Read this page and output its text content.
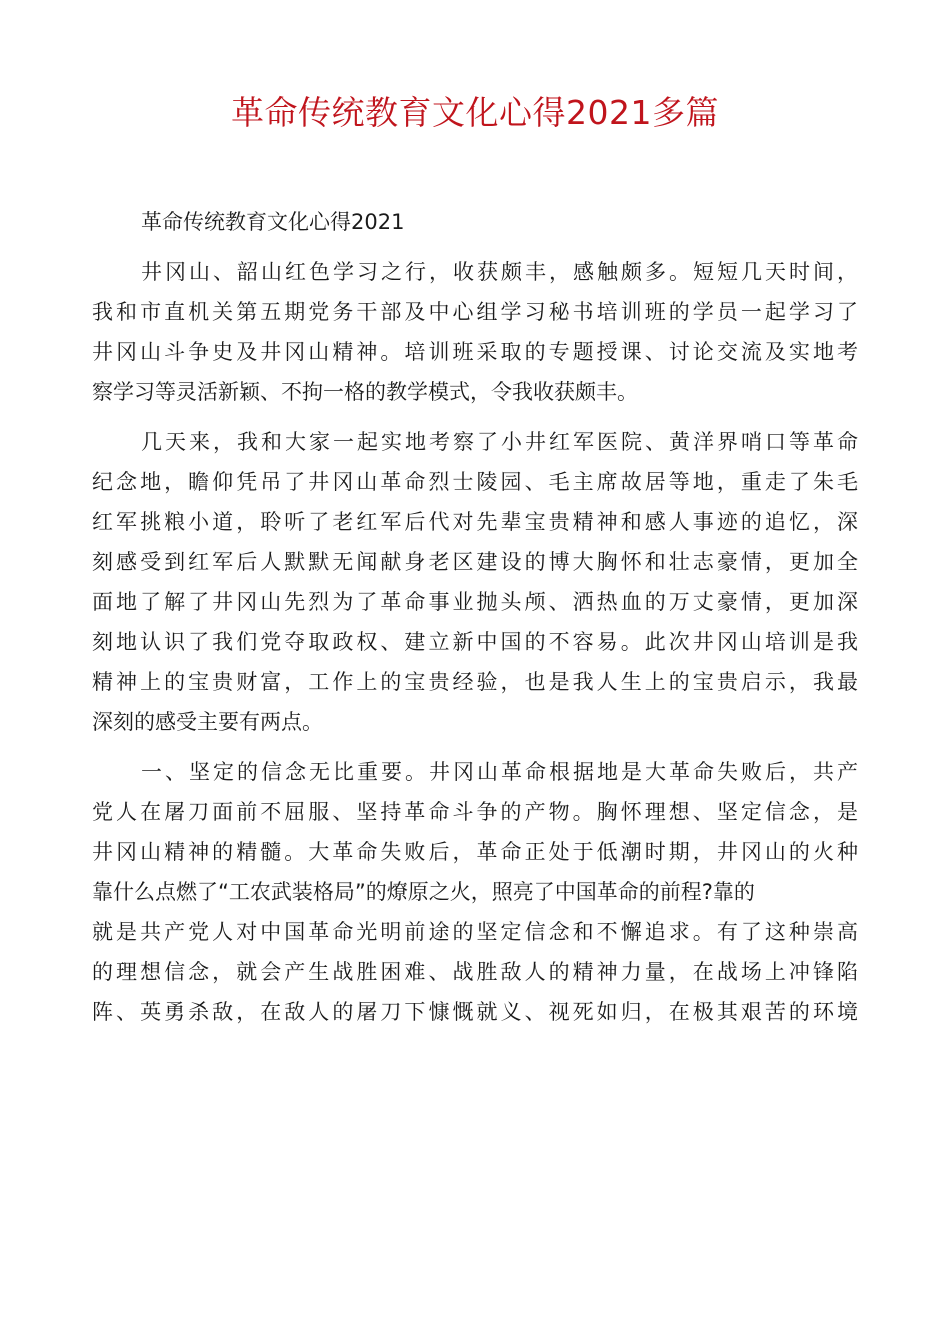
革命传统教育文化心得2021多篇
革命传统教育文化心得2021
井冈山、韶山红色学习之行，收获颇丰，感触颇多。短短几天时间，
我和市直机关第五期党务干部及中心组学习秘书培训班的学员一起学习了
井冈山斗争史及井冈山精神。培训班采取的专题授课、讨论交流及实地考
察学习等灵活新颖、不拘一格的教学模式，令我收获颇丰。
几天来，我和大家一起实地考察了小井红军医院、黄洋界哨口等革命
纪念地，瞻仰凭吊了井冈山革命烈士陵园、毛主席故居等地，重走了朱毛
红军挑粮小道，聆听了老红军后代对先辈宝贵精神和感人事迹的追忆，深
刻感受到红军后人默默无闻献身老区建设的博大胸怀和壮志豪情，更加全
面地了解了井冈山先烈为了革命事业抛头颅、洒热血的万丈豪情，更加深
刻地认识了我们党夺取政权、建立新中国的不容易。此次井冈山培训是我
精神上的宝贵财富，工作上的宝贵经验，也是我人生上的宝贵启示，我最
深刻的感受主要有两点。
一、坚定的信念无比重要。井冈山革命根据地是大革命失败后，共产
党人在屠刀面前不屈服、坚持革命斗争的产物。胸怀理想、坚定信念，是
井冈山精神的精髓。大革命失败后，革命正处于低潮时期，井冈山的火种
靠什么点燃了“工农武装格局”的燎原之火，照亮了中国革命的前程?靠的
就是共产党人对中国革命光明前途的坚定信念和不懈追求。有了这种崇高
的理想信念，就会产生战胜困难、战胜敌人的精神力量，在战场上冲锋陷
阵、英勇杀敌，在敌人的屠刀下慷慨就义、视死如归，在极其艰苦的环境
